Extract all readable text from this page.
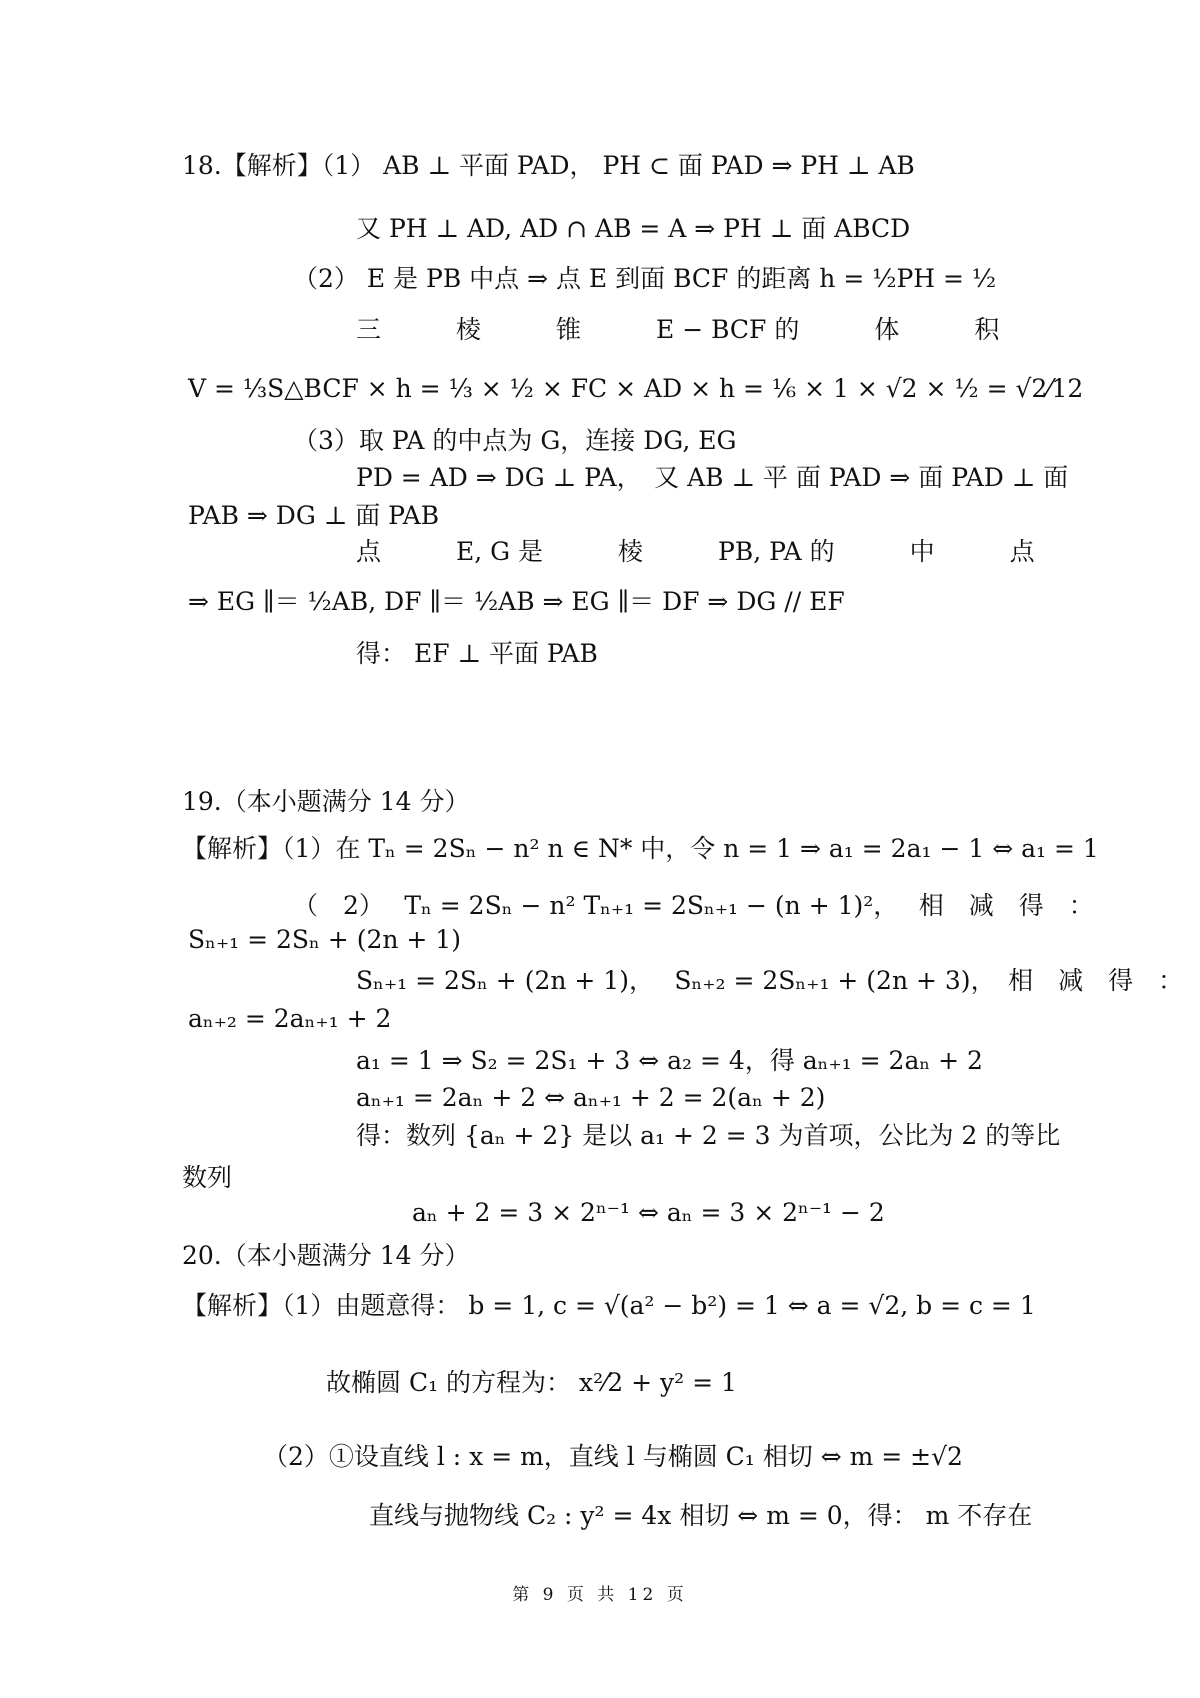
18.【解析】（1） AB ⊥ 平面 PAD， PH ⊂ 面 PAD ⇒ PH ⊥ AB
又 PH ⊥ AD, AD ∩ AB = A ⇒ PH ⊥ 面 ABCD
（2） E 是 PB 中点 ⇒ 点 E 到面 BCF 的距离 h = ½PH = ½
三　　　棱　　　锥　　　E − BCF 的　　　体　　　积
V = ⅓S△BCF × h = ⅓ × ½ × FC × AD × h = ⅙ × 1 × √2 × ½ = √2⁄12
（3）取 PA 的中点为 G，连接 DG, EG
PD = AD ⇒ DG ⊥ PA，　又 AB ⊥ 平 面 PAD ⇒ 面 PAD ⊥ 面
PAB ⇒ DG ⊥ 面 PAB
点　　　E, G 是　　　棱　　　PB, PA 的　　　中　　　点
⇒ EG ∥＝ ½AB, DF ∥＝ ½AB ⇒ EG ∥＝ DF ⇒ DG // EF
得： EF ⊥ 平面 PAB
19.（本小题满分 14 分）
【解析】（1）在 Tₙ = 2Sₙ − n² n ∈ N* 中，令 n = 1 ⇒ a₁ = 2a₁ − 1 ⇔ a₁ = 1
（　2）　 Tₙ = 2Sₙ − n² Tₙ₊₁ = 2Sₙ₊₁ − (n + 1)²，　 相　减　得　：
Sₙ₊₁ = 2Sₙ + (2n + 1)
Sₙ₊₁ = 2Sₙ + (2n + 1)，　 Sₙ₊₂ = 2Sₙ₊₁ + (2n + 3)，　相　减　得　：
aₙ₊₂ = 2aₙ₊₁ + 2
a₁ = 1 ⇒ S₂ = 2S₁ + 3 ⇔ a₂ = 4，得 aₙ₊₁ = 2aₙ + 2
aₙ₊₁ = 2aₙ + 2 ⇔ aₙ₊₁ + 2 = 2(aₙ + 2)
得：数列 {aₙ + 2} 是以 a₁ + 2 = 3 为首项，公比为 2 的等比
数列
aₙ + 2 = 3 × 2ⁿ⁻¹ ⇔ aₙ = 3 × 2ⁿ⁻¹ − 2
20.（本小题满分 14 分）
【解析】（1）由题意得： b = 1, c = √(a² − b²) = 1 ⇔ a = √2, b = c = 1
故椭圆 C₁ 的方程为： x²⁄2 + y² = 1
（2）①设直线 l : x = m，直线 l 与椭圆 C₁ 相切 ⇔ m = ±√2
直线与抛物线 C₂ : y² = 4x 相切 ⇔ m = 0，得： m 不存在
第 9 页 共 12 页
